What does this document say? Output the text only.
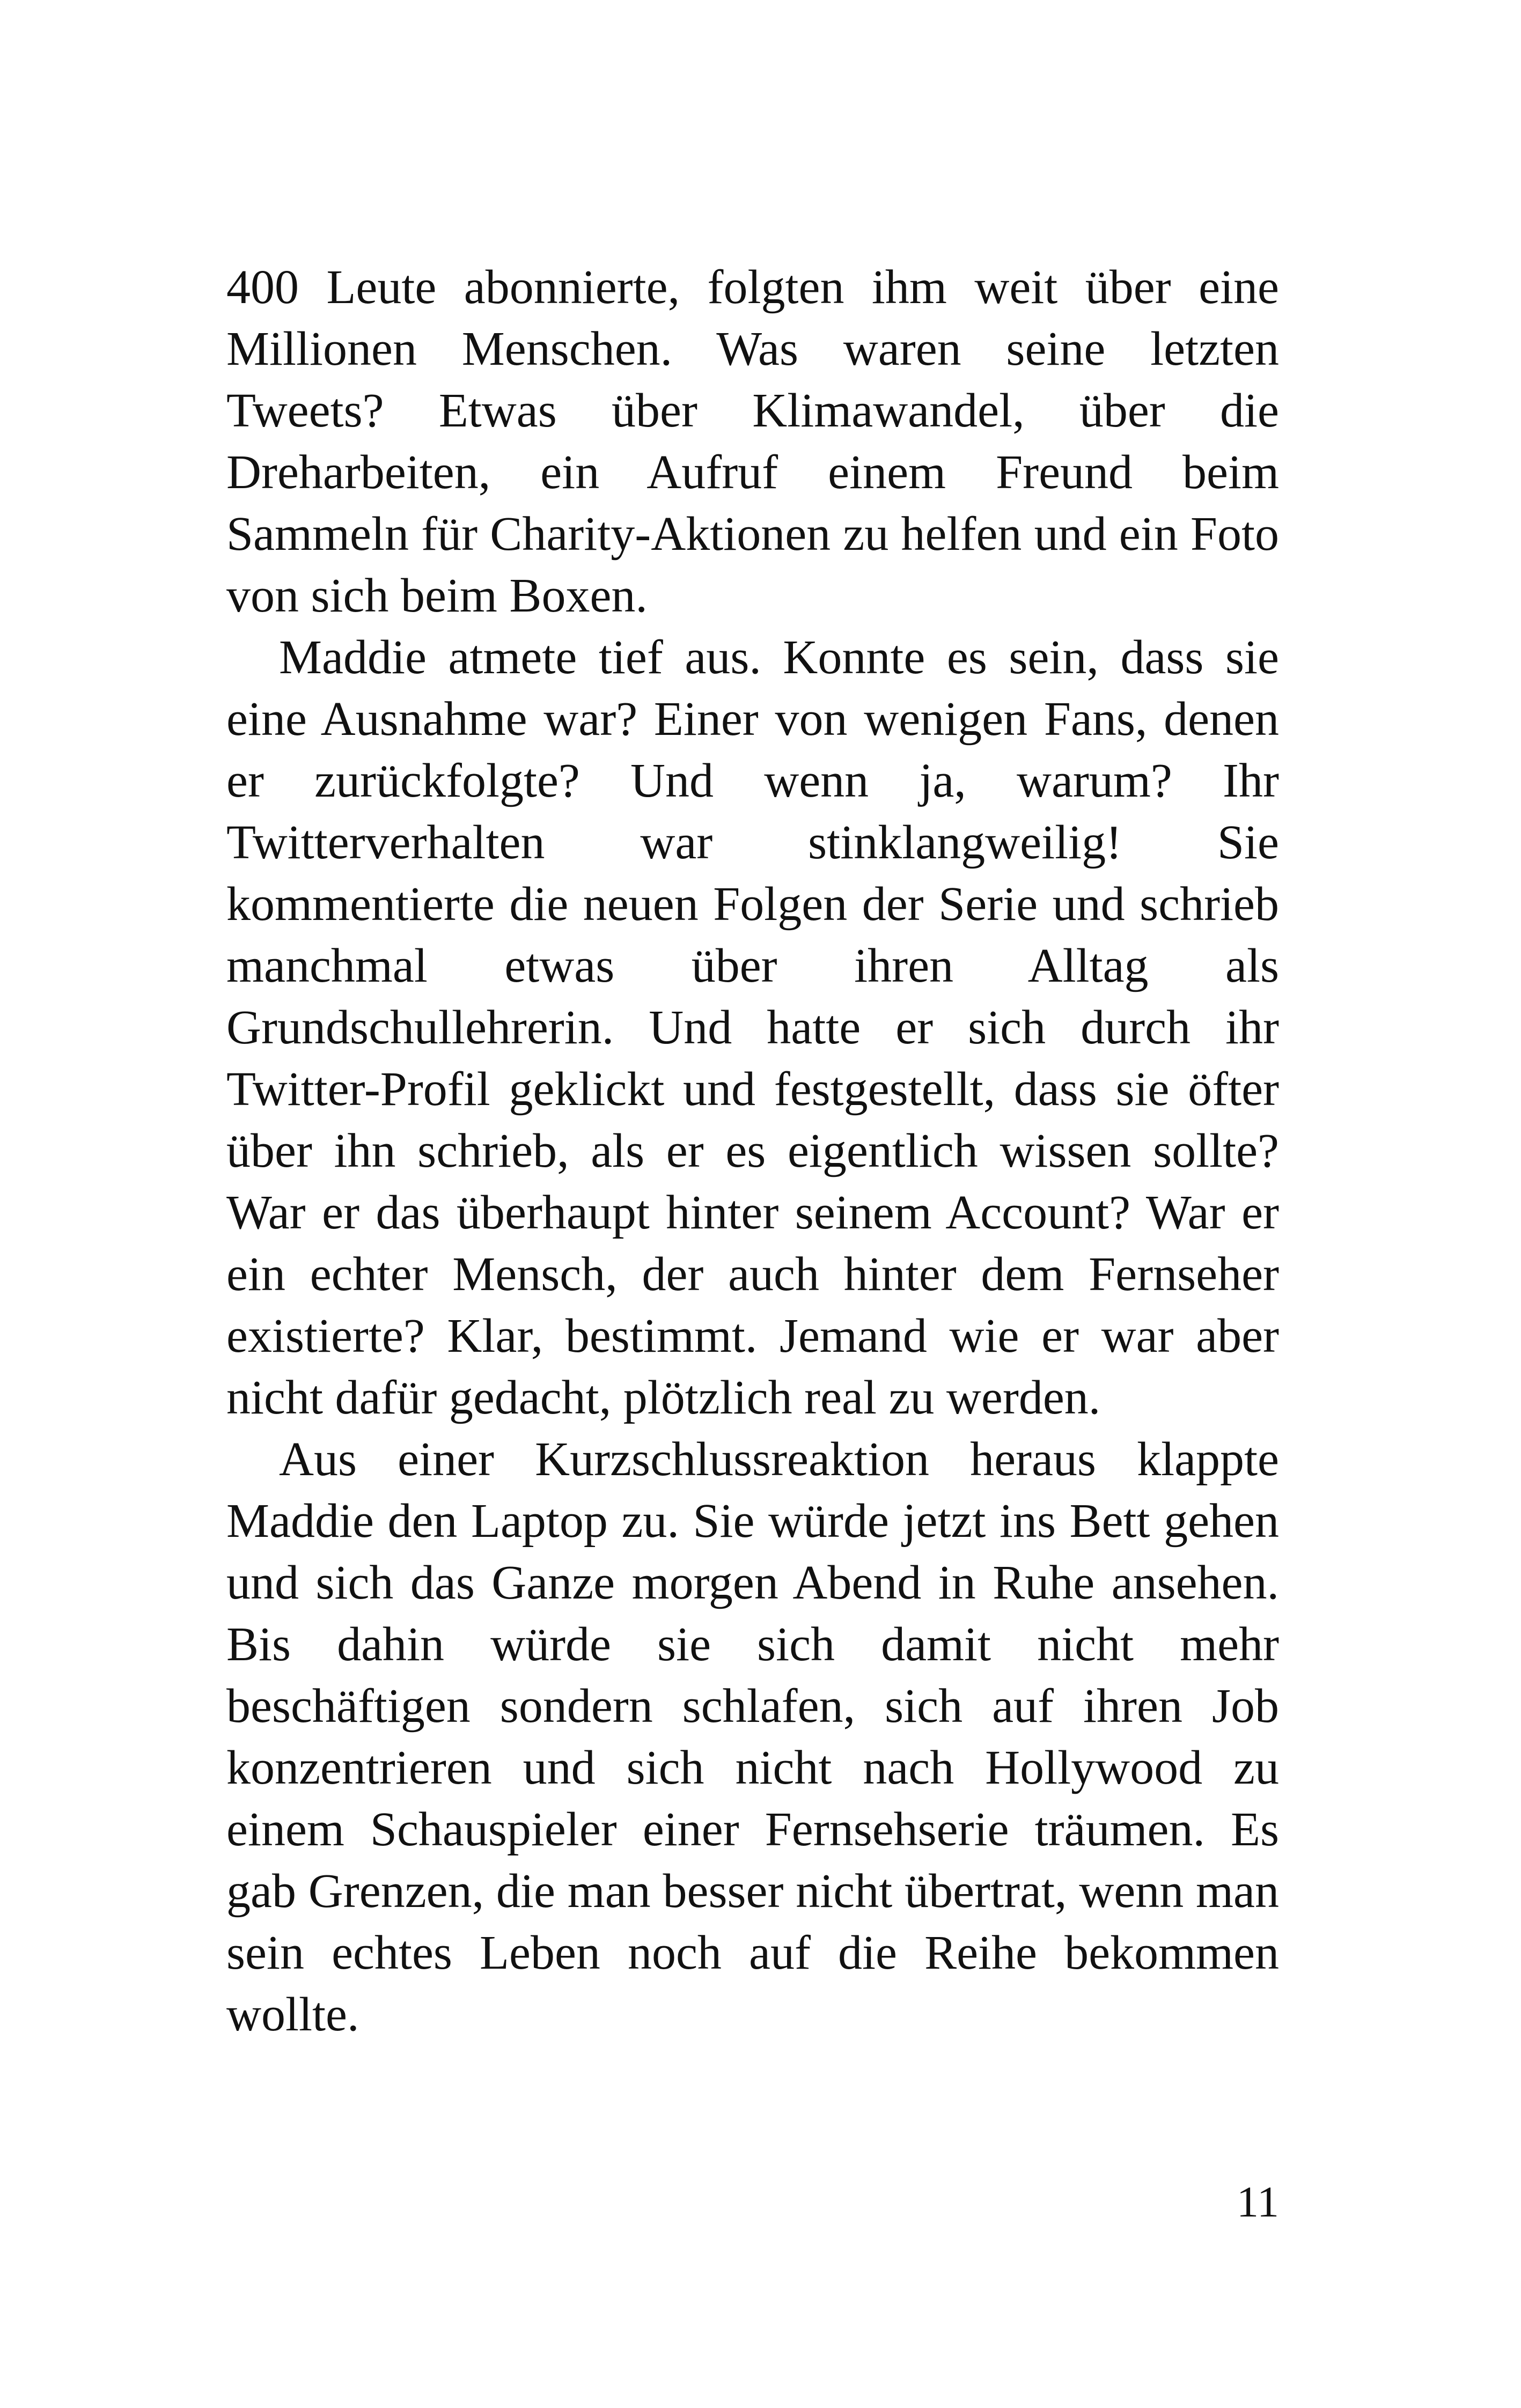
400 Leute abonnierte, folgten ihm weit über eine Millionen Menschen. Was waren seine letzten Tweets? Etwas über Klimawandel, über die Dreharbeiten, ein Aufruf einem Freund beim Sammeln für Charity-Aktionen zu helfen und ein Foto von sich beim Boxen.

Maddie atmete tief aus. Konnte es sein, dass sie eine Ausnahme war? Einer von wenigen Fans, denen er zurückfolgte? Und wenn ja, warum? Ihr Twitterverhalten war stinklangweilig! Sie kommentierte die neuen Folgen der Serie und schrieb manchmal etwas über ihren Alltag als Grundschullehrerin. Und hatte er sich durch ihr Twitter-Profil geklickt und festgestellt, dass sie öfter über ihn schrieb, als er es eigentlich wissen sollte? War er das überhaupt hinter seinem Account? War er ein echter Mensch, der auch hinter dem Fernseher existierte? Klar, bestimmt. Jemand wie er war aber nicht dafür gedacht, plötzlich real zu werden.

Aus einer Kurzschlussreaktion heraus klappte Maddie den Laptop zu. Sie würde jetzt ins Bett gehen und sich das Ganze morgen Abend in Ruhe ansehen. Bis dahin würde sie sich damit nicht mehr beschäftigen sondern schlafen, sich auf ihren Job konzentrieren und sich nicht nach Hollywood zu einem Schauspieler einer Fernsehserie träumen. Es gab Grenzen, die man besser nicht übertrat, wenn man sein echtes Leben noch auf die Reihe bekommen wollte.

11
